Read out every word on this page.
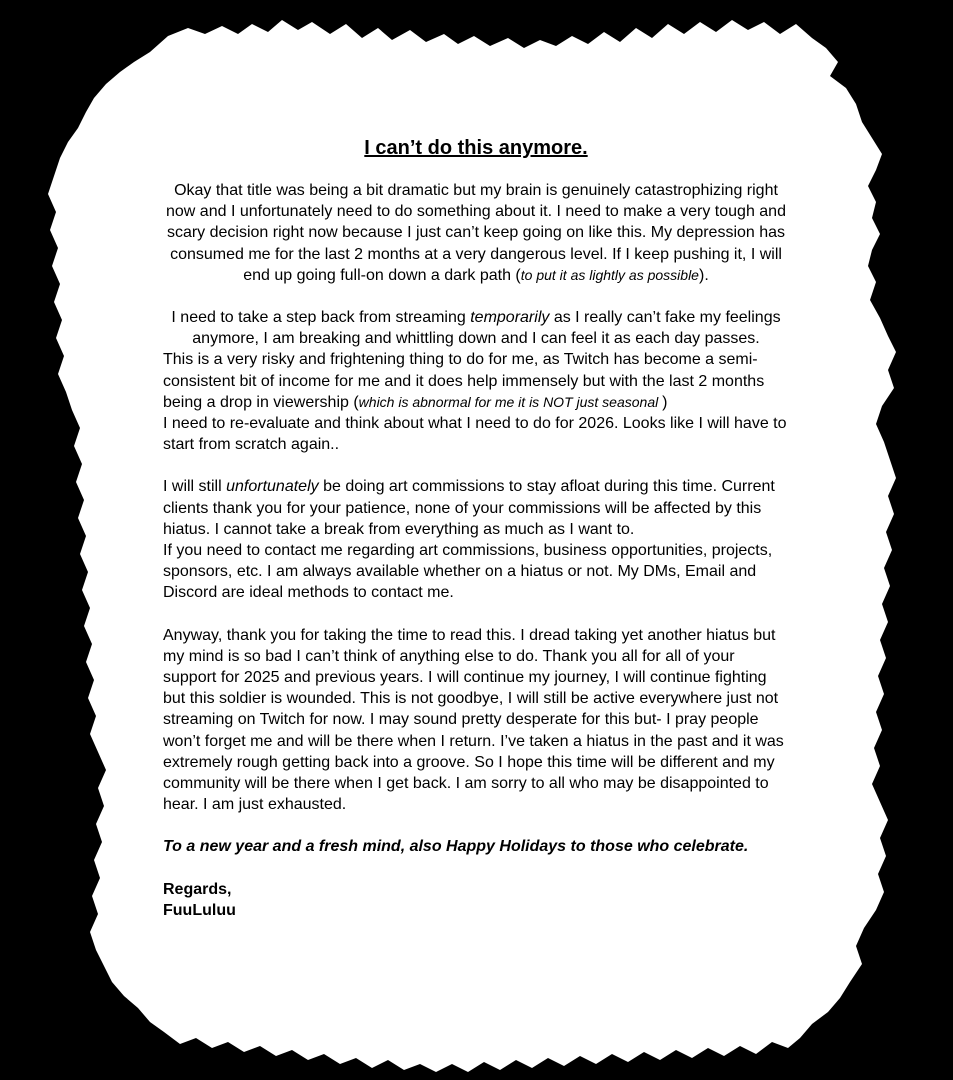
I can’t do this anymore.
Okay that title was being a bit dramatic but my brain is genuinely catastrophizing right now and I unfortunately need to do something about it. I need to make a very tough and scary decision right now because I just can’t keep going on like this. My depression has consumed me for the last 2 months at a very dangerous level. If I keep pushing it, I will end up going full-on down a dark path (to put it as lightly as possible).

I need to take a step back from streaming temporarily as I really can’t fake my feelings anymore, I am breaking and whittling down and I can feel it as each day passes.

This is a very risky and frightening thing to do for me, as Twitch has become a semi-consistent bit of income for me and it does help immensely but with the last 2 months being a drop in viewership (which is abnormal for me it is NOT just seasonal )

I need to re-evaluate and think about what I need to do for 2026. Looks like I will have to start from scratch again..

I will still unfortunately be doing art commissions to stay afloat during this time. Current clients thank you for your patience, none of your commissions will be affected by this hiatus. I cannot take a break from everything as much as I want to.

If you need to contact me regarding art commissions, business opportunities, projects, sponsors, etc. I am always available whether on a hiatus or not. My DMs, Email and Discord are ideal methods to contact me.

Anyway, thank you for taking the time to read this. I dread taking yet another hiatus but my mind is so bad I can’t think of anything else to do. Thank you all for all of your support for 2025 and previous years. I will continue my journey, I will continue fighting but this soldier is wounded. This is not goodbye, I will still be active everywhere just not streaming on Twitch for now. I may sound pretty desperate for this but- I pray people won’t forget me and will be there when I return. I’ve taken a hiatus in the past and it was extremely rough getting back into a groove. So I hope this time will be different and my community will be there when I get back. I am sorry to all who may be disappointed to hear. I am just exhausted.
To a new year and a fresh mind, also Happy Holidays to those who celebrate.
Regards,
FuuLuluu
